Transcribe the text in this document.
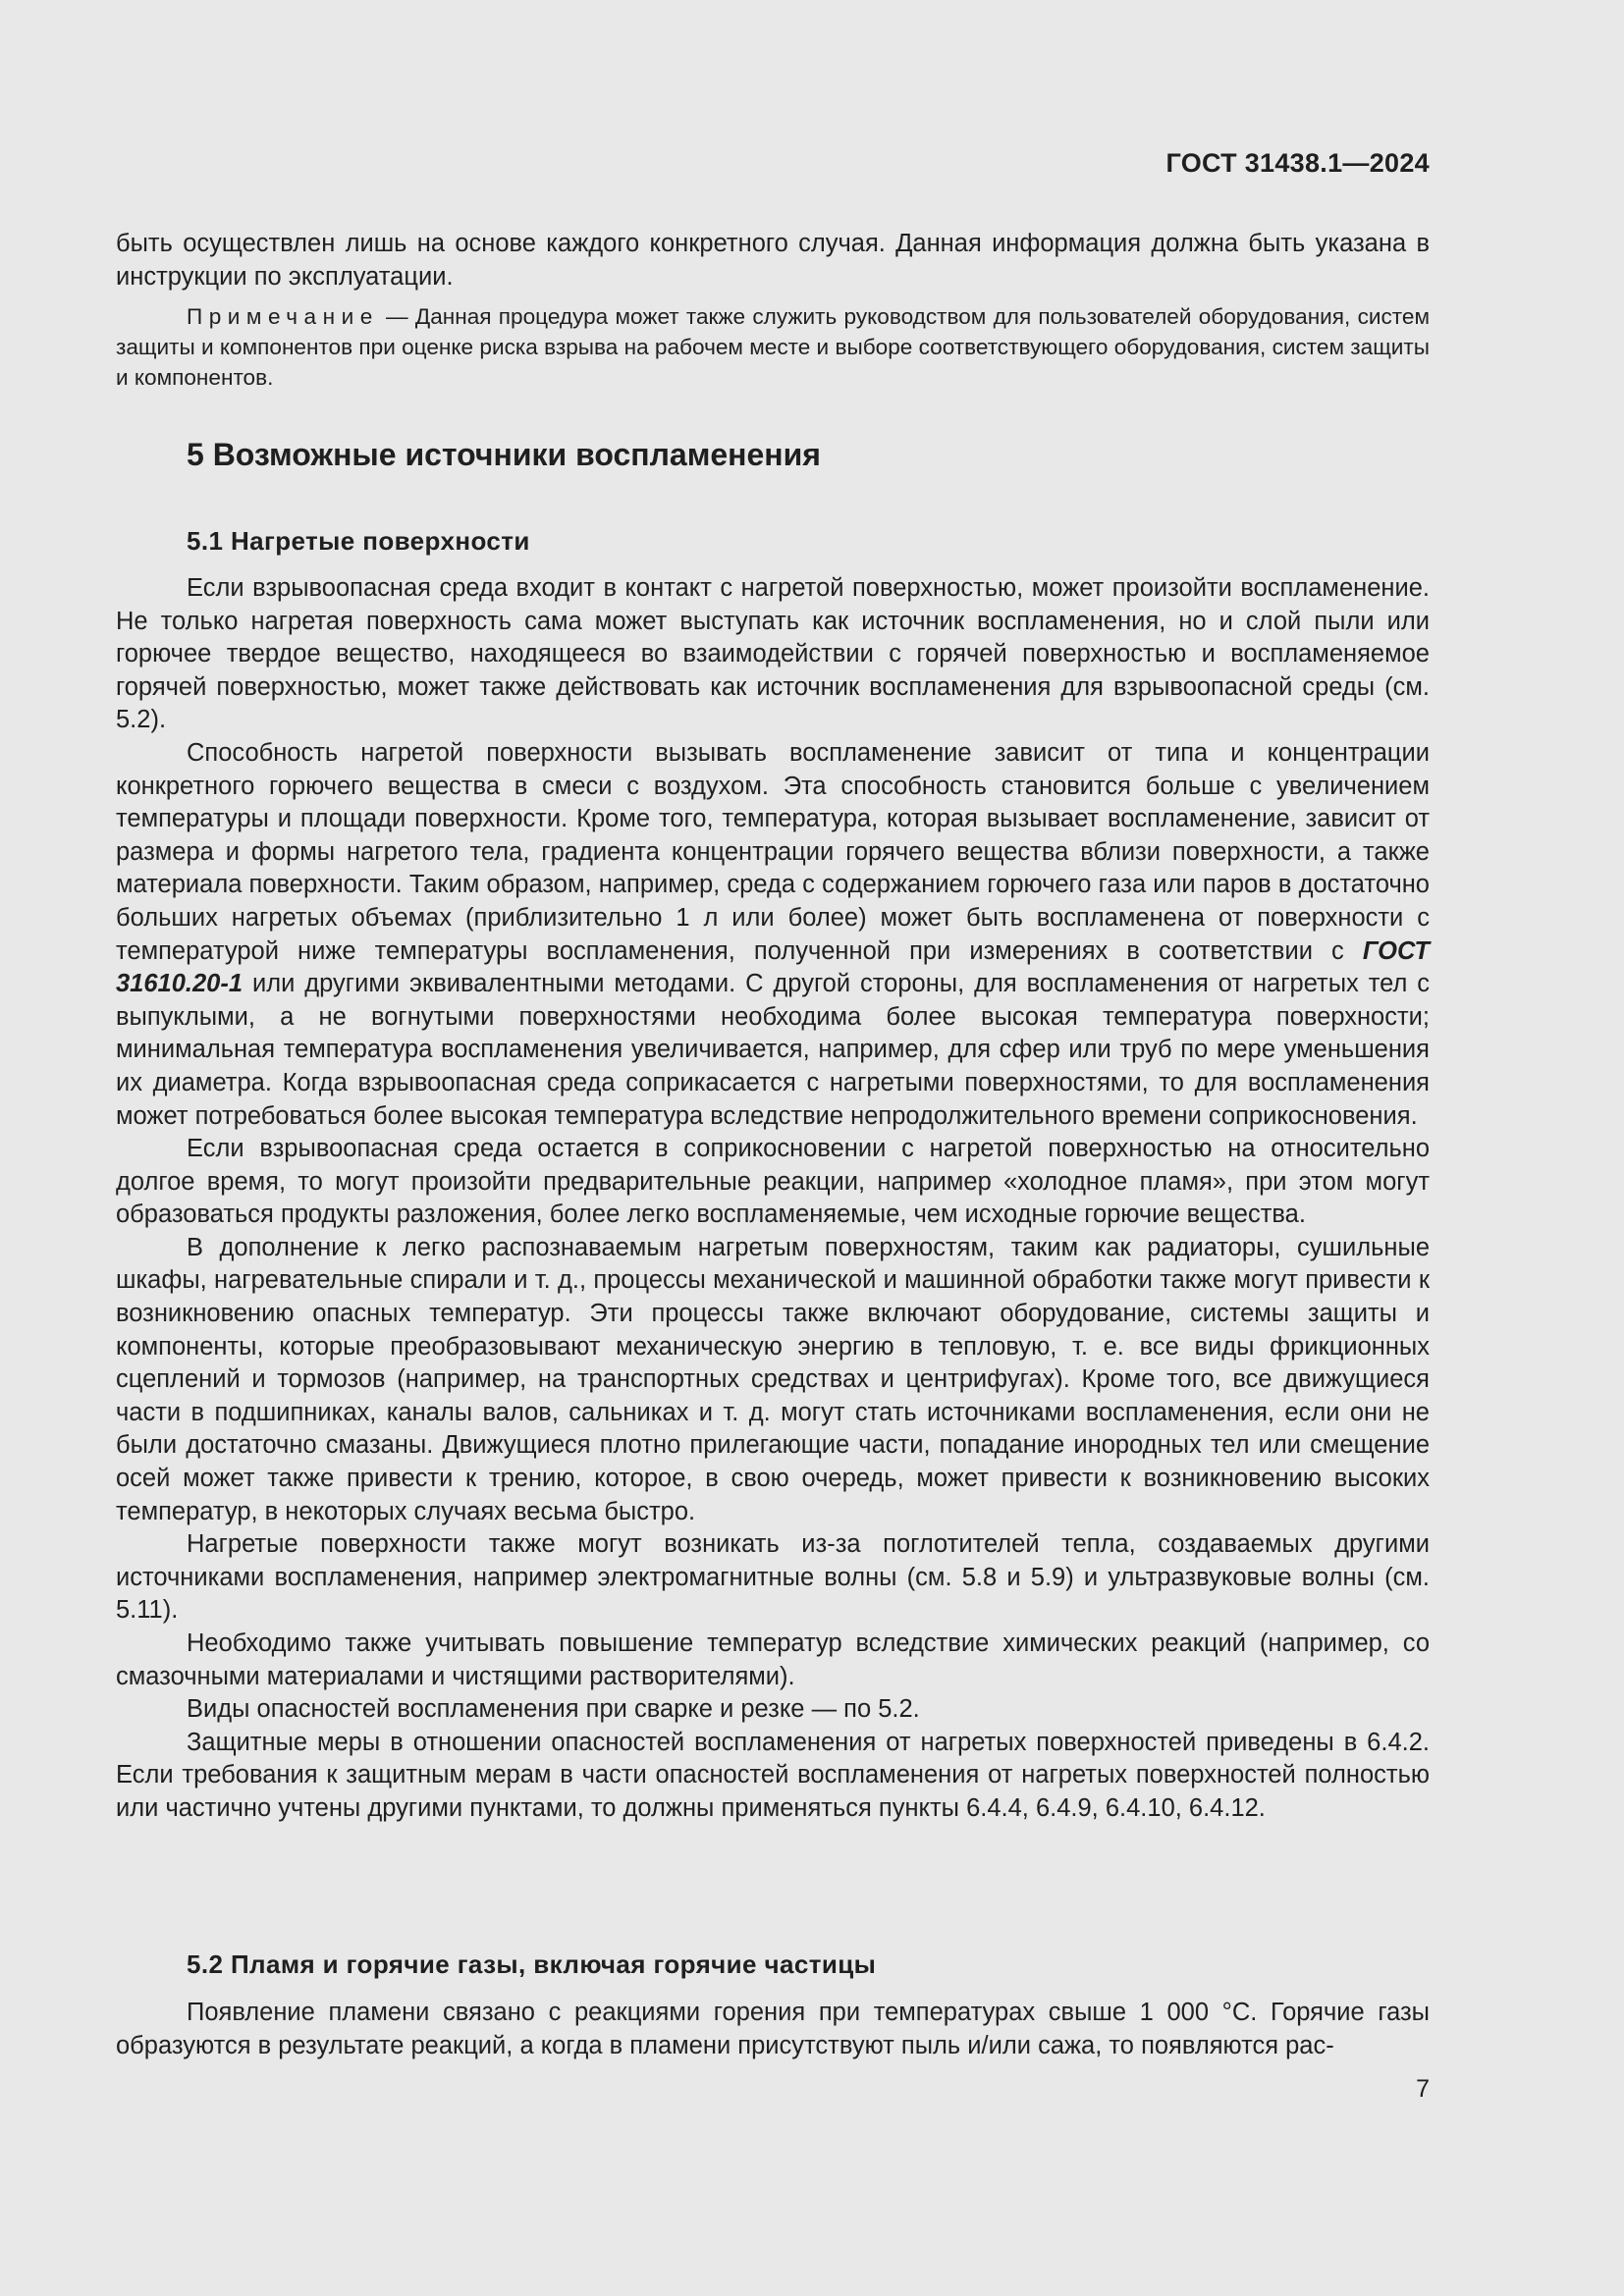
ГОСТ 31438.1—2024

быть осуществлен лишь на основе каждого конкретного случая. Данная информация должна быть указана в инструкции по эксплуатации.

Примечание — Данная процедура может также служить руководством для пользователей оборудования, систем защиты и компонентов при оценке риска взрыва на рабочем месте и выборе соответствующего оборудования, систем защиты и компонентов.

5 Возможные источники воспламенения
5.1 Нагретые поверхности

Если взрывоопасная среда входит в контакт с нагретой поверхностью, может произойти воспламенение. Не только нагретая поверхность сама может выступать как источник воспламенения, но и слой пыли или горючее твердое вещество, находящееся во взаимодействии с горячей поверхностью и воспламеняемое горячей поверхностью, может также действовать как источник воспламенения для взрывоопасной среды (см. 5.2).

Способность нагретой поверхности вызывать воспламенение зависит от типа и концентрации конкретного горючего вещества в смеси с воздухом. Эта способность становится больше с увеличением температуры и площади поверхности. Кроме того, температура, которая вызывает воспламенение, зависит от размера и формы нагретого тела, градиента концентрации горячего вещества вблизи поверхности, а также материала поверхности. Таким образом, например, среда с содержанием горючего газа или паров в достаточно больших нагретых объемах (приблизительно 1 л или более) может быть воспламенена от поверхности с температурой ниже температуры воспламенения, полученной при измерениях в соответствии с ГОСТ 31610.20-1 или другими эквивалентными методами. С другой стороны, для воспламенения от нагретых тел с выпуклыми, а не вогнутыми поверхностями необходима более высокая температура поверхности; минимальная температура воспламенения увеличивается, например, для сфер или труб по мере уменьшения их диаметра. Когда взрывоопасная среда соприкасается с нагретыми поверхностями, то для воспламенения может потребоваться более высокая температура вследствие непродолжительного времени соприкосновения.

Если взрывоопасная среда остается в соприкосновении с нагретой поверхностью на относительно долгое время, то могут произойти предварительные реакции, например «холодное пламя», при этом могут образоваться продукты разложения, более легко воспламеняемые, чем исходные горючие вещества.

В дополнение к легко распознаваемым нагретым поверхностям, таким как радиаторы, сушильные шкафы, нагревательные спирали и т. д., процессы механической и машинной обработки также могут привести к возникновению опасных температур. Эти процессы также включают оборудование, системы защиты и компоненты, которые преобразовывают механическую энергию в тепловую, т. е. все виды фрикционных сцеплений и тормозов (например, на транспортных средствах и центрифугах). Кроме того, все движущиеся части в подшипниках, каналы валов, сальниках и т. д. могут стать источниками воспламенения, если они не были достаточно смазаны. Движущиеся плотно прилегающие части, попадание инородных тел или смещение осей может также привести к трению, которое, в свою очередь, может привести к возникновению высоких температур, в некоторых случаях весьма быстро.

Нагретые поверхности также могут возникать из-за поглотителей тепла, создаваемых другими источниками воспламенения, например электромагнитные волны (см. 5.8 и 5.9) и ультразвуковые волны (см. 5.11).

Необходимо также учитывать повышение температур вследствие химических реакций (например, со смазочными материалами и чистящими растворителями).

Виды опасностей воспламенения при сварке и резке — по 5.2.

Защитные меры в отношении опасностей воспламенения от нагретых поверхностей приведены в 6.4.2. Если требования к защитным мерам в части опасностей воспламенения от нагретых поверхностей полностью или частично учтены другими пунктами, то должны применяться пункты 6.4.4, 6.4.9, 6.4.10, 6.4.12.

5.2 Пламя и горячие газы, включая горячие частицы

Появление пламени связано с реакциями горения при температурах свыше 1 000 °С. Горячие газы образуются в результате реакций, а когда в пламени присутствуют пыль и/или сажа, то появляются рас-

7
